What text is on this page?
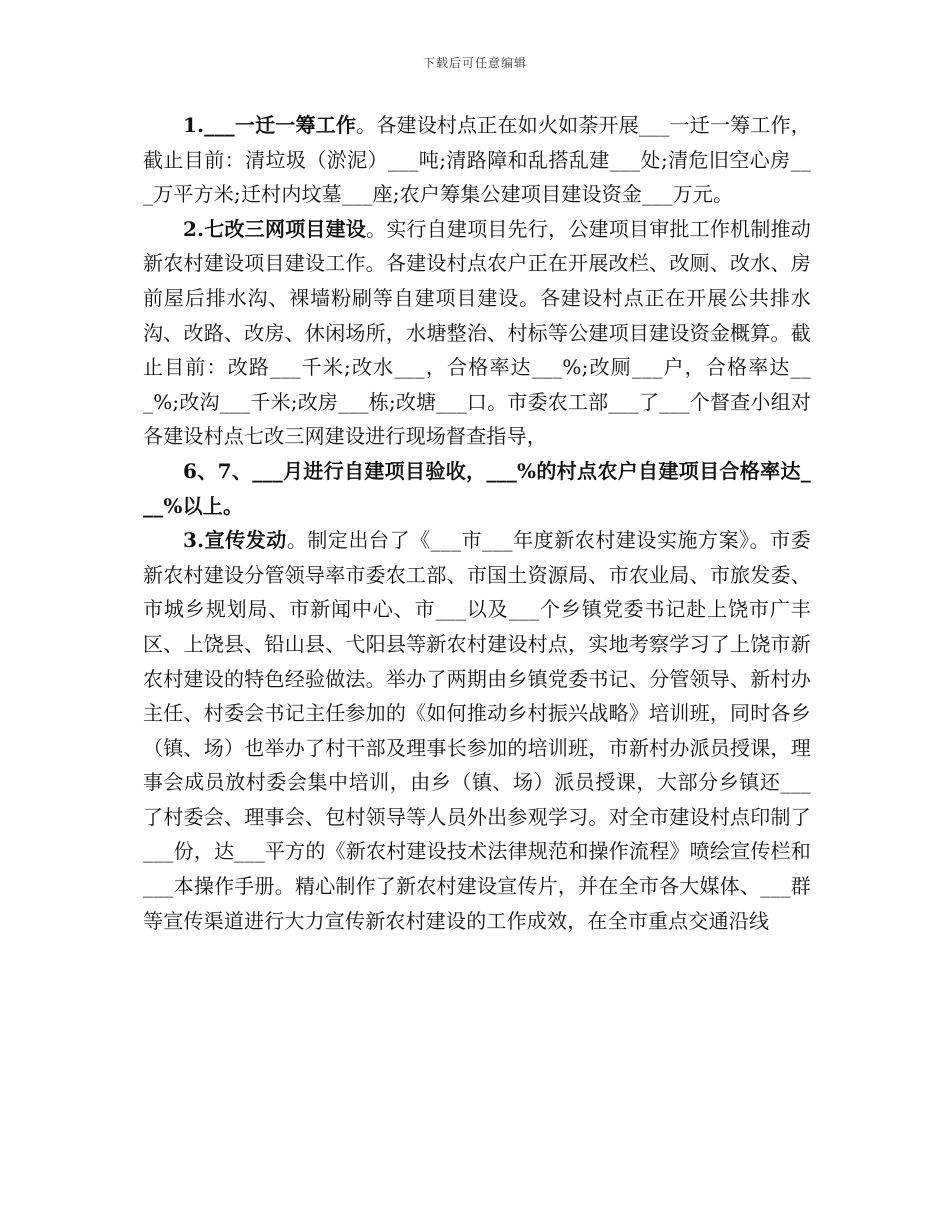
下载后可任意编辑

1.___一迁一筹工作。各建设村点正在如火如荼开展___一迁一筹工作，截止目前：清垃圾（淤泥）___吨;清路障和乱搭乱建___处;清危旧空心房___万平方米;迁村内坟墓___座;农户筹集公建项目建设资金___万元。

2.七改三网项目建设。实行自建项目先行，公建项目审批工作机制推动新农村建设项目建设工作。各建设村点农户正在开展改栏、改厕、改水、房前屋后排水沟、裸墙粉刷等自建项目建设。各建设村点正在开展公共排水沟、改路、改房、休闲场所，水塘整治、村标等公建项目建设资金概算。截止目前：改路___千米;改水___，合格率达___%;改厕___户，合格率达___%;改沟___千米;改房___栋;改塘___口。市委农工部___了___个督查小组对各建设村点七改三网建设进行现场督查指导，

6、7、___月进行自建项目验收，___%的村点农户自建项目合格率达___%以上。

3.宣传发动。制定出台了《___市___年度新农村建设实施方案》。市委新农村建设分管领导率市委农工部、市国土资源局、市农业局、市旅发委、市城乡规划局、市新闻中心、市___以及___个乡镇党委书记赴上饶市广丰区、上饶县、铅山县、弋阳县等新农村建设村点，实地考察学习了上饶市新农村建设的特色经验做法。举办了两期由乡镇党委书记、分管领导、新村办主任、村委会书记主任参加的《如何推动乡村振兴战略》培训班，同时各乡（镇、场）也举办了村干部及理事长参加的培训班，市新村办派员授课，理事会成员放村委会集中培训，由乡（镇、场）派员授课，大部分乡镇还___了村委会、理事会、包村领导等人员外出参观学习。对全市建设村点印制了___份，达___平方的《新农村建设技术法律规范和操作流程》喷绘宣传栏和___本操作手册。精心制作了新农村建设宣传片，并在全市各大媒体、___群等宣传渠道进行大力宣传新农村建设的工作成效，在全市重点交通沿线
